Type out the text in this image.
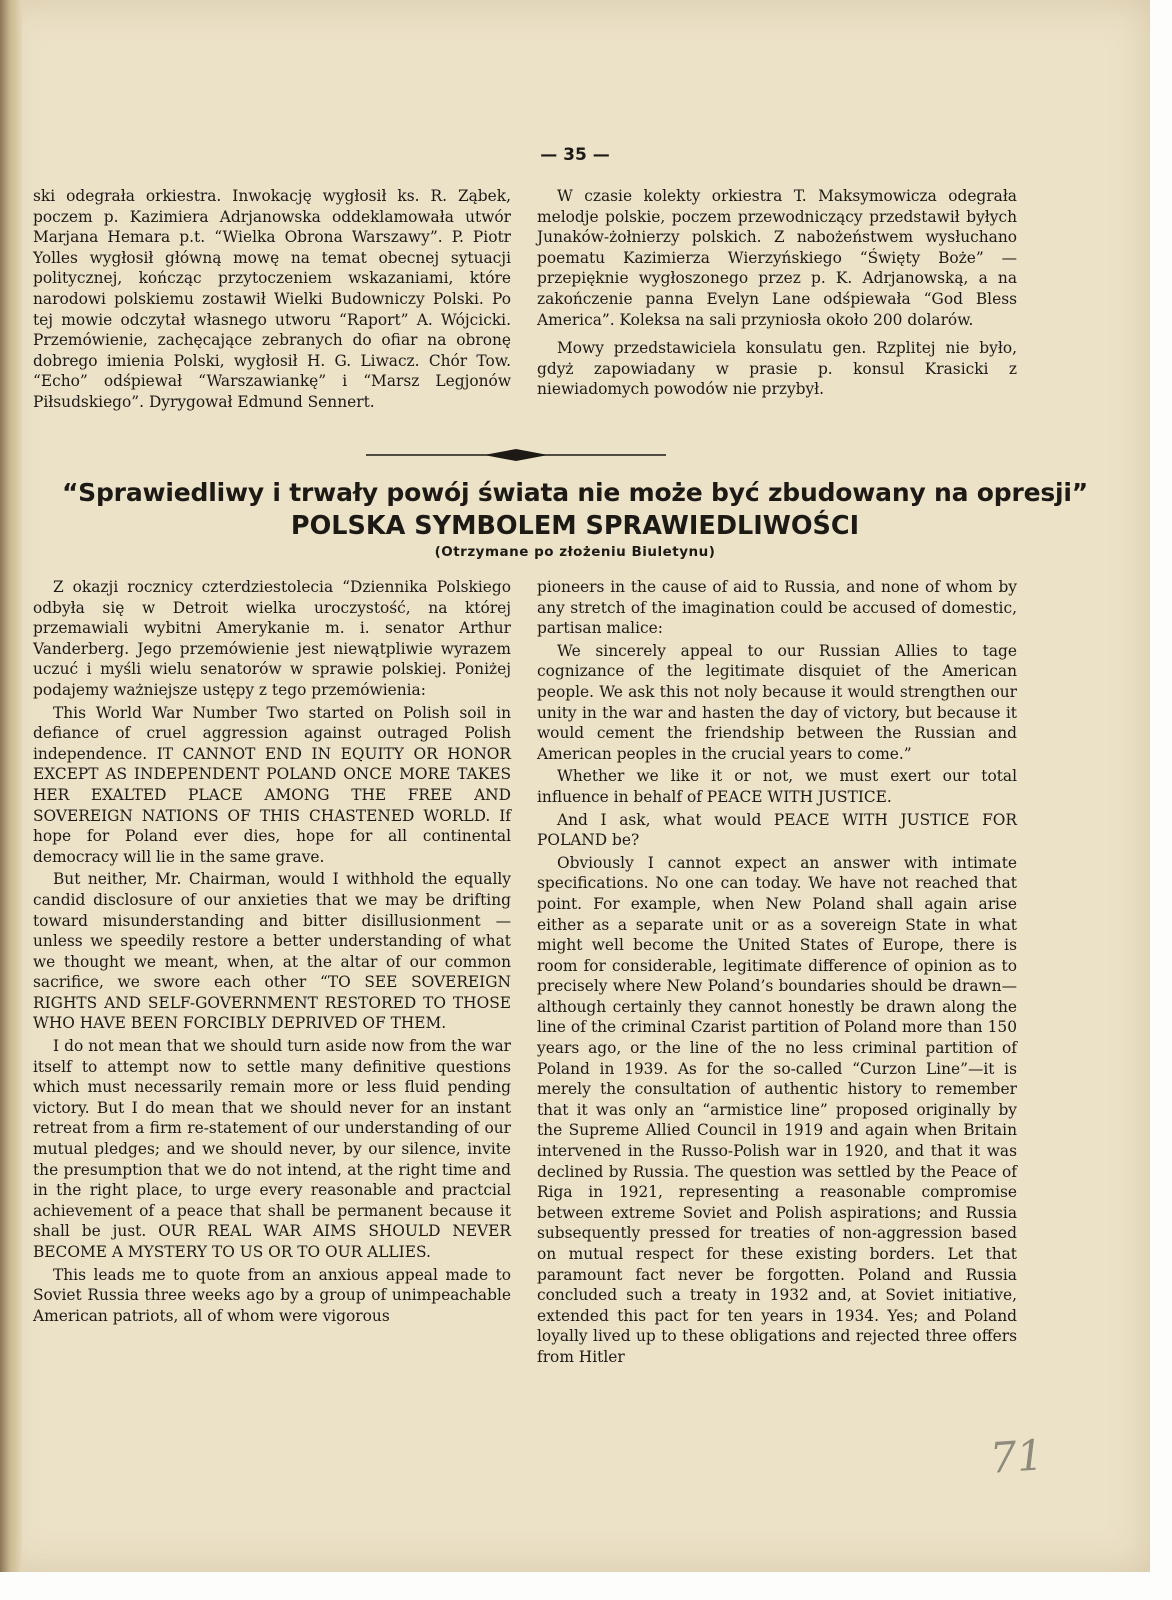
— 35 —

ski odegrała orkiestra. Inwokację wygłosił ks. R. Ząbek, poczem p. Kazimiera Adrjanowska oddeklamowała utwór Marjana Hemara p.t. “Wielka Obrona Warszawy”. P. Piotr Yolles wygłosił główną mowę na temat obecnej sytuacji politycznej, kończąc przytoczeniem wskazaniami, które narodowi polskiemu zostawił Wielki Budowniczy Polski. Po tej mowie odczytał własnego utworu “Raport” A. Wójcicki. Przemówienie, zachęcające zebranych do ofiar na obronę dobrego imienia Polski, wygłosił H. G. Liwacz. Chór Tow. “Echo” odśpiewał “Warszawiankę” i “Marsz Legjonów Piłsudskiego”. Dyrygował Edmund Sennert.

W czasie kolekty orkiestra T. Maksymowicza odegrała melodje polskie, poczem przewodniczący przedstawił byłych Junaków-żołnierzy polskich. Z nabożeństwem wysłuchano poematu Kazimierza Wierzyńskiego “Święty Boże” — przepięknie wygłoszonego przez p. K. Adrjanowską, a na zakończenie panna Evelyn Lane odśpiewała “God Bless America”. Koleksa na sali przyniosła około 200 dolarów.

Mowy przedstawiciela konsulatu gen. Rzplitej nie było, gdyż zapowiadany w prasie p. konsul Krasicki z niewiadomych powodów nie przybył.

“Sprawiedliwy i trwały powój świata nie może być zbudowany na opresji”
POLSKA SYMBOLEM SPRAWIEDLIWOŚCI
(Otrzymane po złożeniu Biuletynu)

Z okazji rocznicy czterdziestolecia “Dziennika Polskiego odbyła się w Detroit wielka uroczystość, na której przemawiali wybitni Amerykanie m. i. senator Arthur Vanderberg. Jego przemówienie jest niewątpliwie wyrazem uczuć i myśli wielu senatorów w sprawie polskiej. Poniżej podajemy ważniejsze ustępy z tego przemówienia:

This World War Number Two started on Polish soil in defiance of cruel aggression against outraged Polish independence. IT CANNOT END IN EQUITY OR HONOR EXCEPT AS INDEPENDENT POLAND ONCE MORE TAKES HER EXALTED PLACE AMONG THE FREE AND SOVEREIGN NATIONS OF THIS CHASTENED WORLD. If hope for Poland ever dies, hope for all continental democracy will lie in the same grave.

But neither, Mr. Chairman, would I withhold the equally candid disclosure of our anxieties that we may be drifting toward misunderstanding and bitter disillusionment — unless we speedily restore a better understanding of what we thought we meant, when, at the altar of our common sacrifice, we swore each other “TO SEE SOVEREIGN RIGHTS AND SELF-GOVERNMENT RESTORED TO THOSE WHO HAVE BEEN FORCIBLY DEPRIVED OF THEM.

I do not mean that we should turn aside now from the war itself to attempt now to settle many definitive questions which must necessarily remain more or less fluid pending victory. But I do mean that we should never for an instant retreat from a firm re-statement of our understanding of our mutual pledges; and we should never, by our silence, invite the presumption that we do not intend, at the right time and in the right place, to urge every reasonable and practcial achievement of a peace that shall be permanent because it shall be just. OUR REAL WAR AIMS SHOULD NEVER BECOME A MYSTERY TO US OR TO OUR ALLIES.

This leads me to quote from an anxious appeal made to Soviet Russia three weeks ago by a group of unimpeachable American patriots, all of whom were vigorous

pioneers in the cause of aid to Russia, and none of whom by any stretch of the imagination could be accused of domestic, partisan malice:

We sincerely appeal to our Russian Allies to tage cognizance of the legitimate disquiet of the American people. We ask this not noly because it would strengthen our unity in the war and hasten the day of victory, but because it would cement the friendship between the Russian and American peoples in the crucial years to come.”

Whether we like it or not, we must exert our total influence in behalf of PEACE WITH JUSTICE.

And I ask, what would PEACE WITH JUSTICE FOR POLAND be?

Obviously I cannot expect an answer with intimate specifications. No one can today. We have not reached that point. For example, when New Poland shall again arise either as a separate unit or as a sovereign State in what might well become the United States of Europe, there is room for considerable, legitimate difference of opinion as to precisely where New Poland’s boundaries should be drawn—although certainly they cannot honestly be drawn along the line of the criminal Czarist partition of Poland more than 150 years ago, or the line of the no less criminal partition of Poland in 1939. As for the so-called “Curzon Line”—it is merely the consultation of authentic history to remember that it was only an “armistice line” proposed originally by the Supreme Allied Council in 1919 and again when Britain intervened in the Russo-Polish war in 1920, and that it was declined by Russia. The question was settled by the Peace of Riga in 1921, representing a reasonable compromise between extreme Soviet and Polish aspirations; and Russia subsequently pressed for treaties of non-aggression based on mutual respect for these existing borders. Let that paramount fact never be forgotten. Poland and Russia concluded such a treaty in 1932 and, at Soviet initiative, extended this pact for ten years in 1934. Yes; and Poland loyally lived up to these obligations and rejected three offers from Hitler

71
